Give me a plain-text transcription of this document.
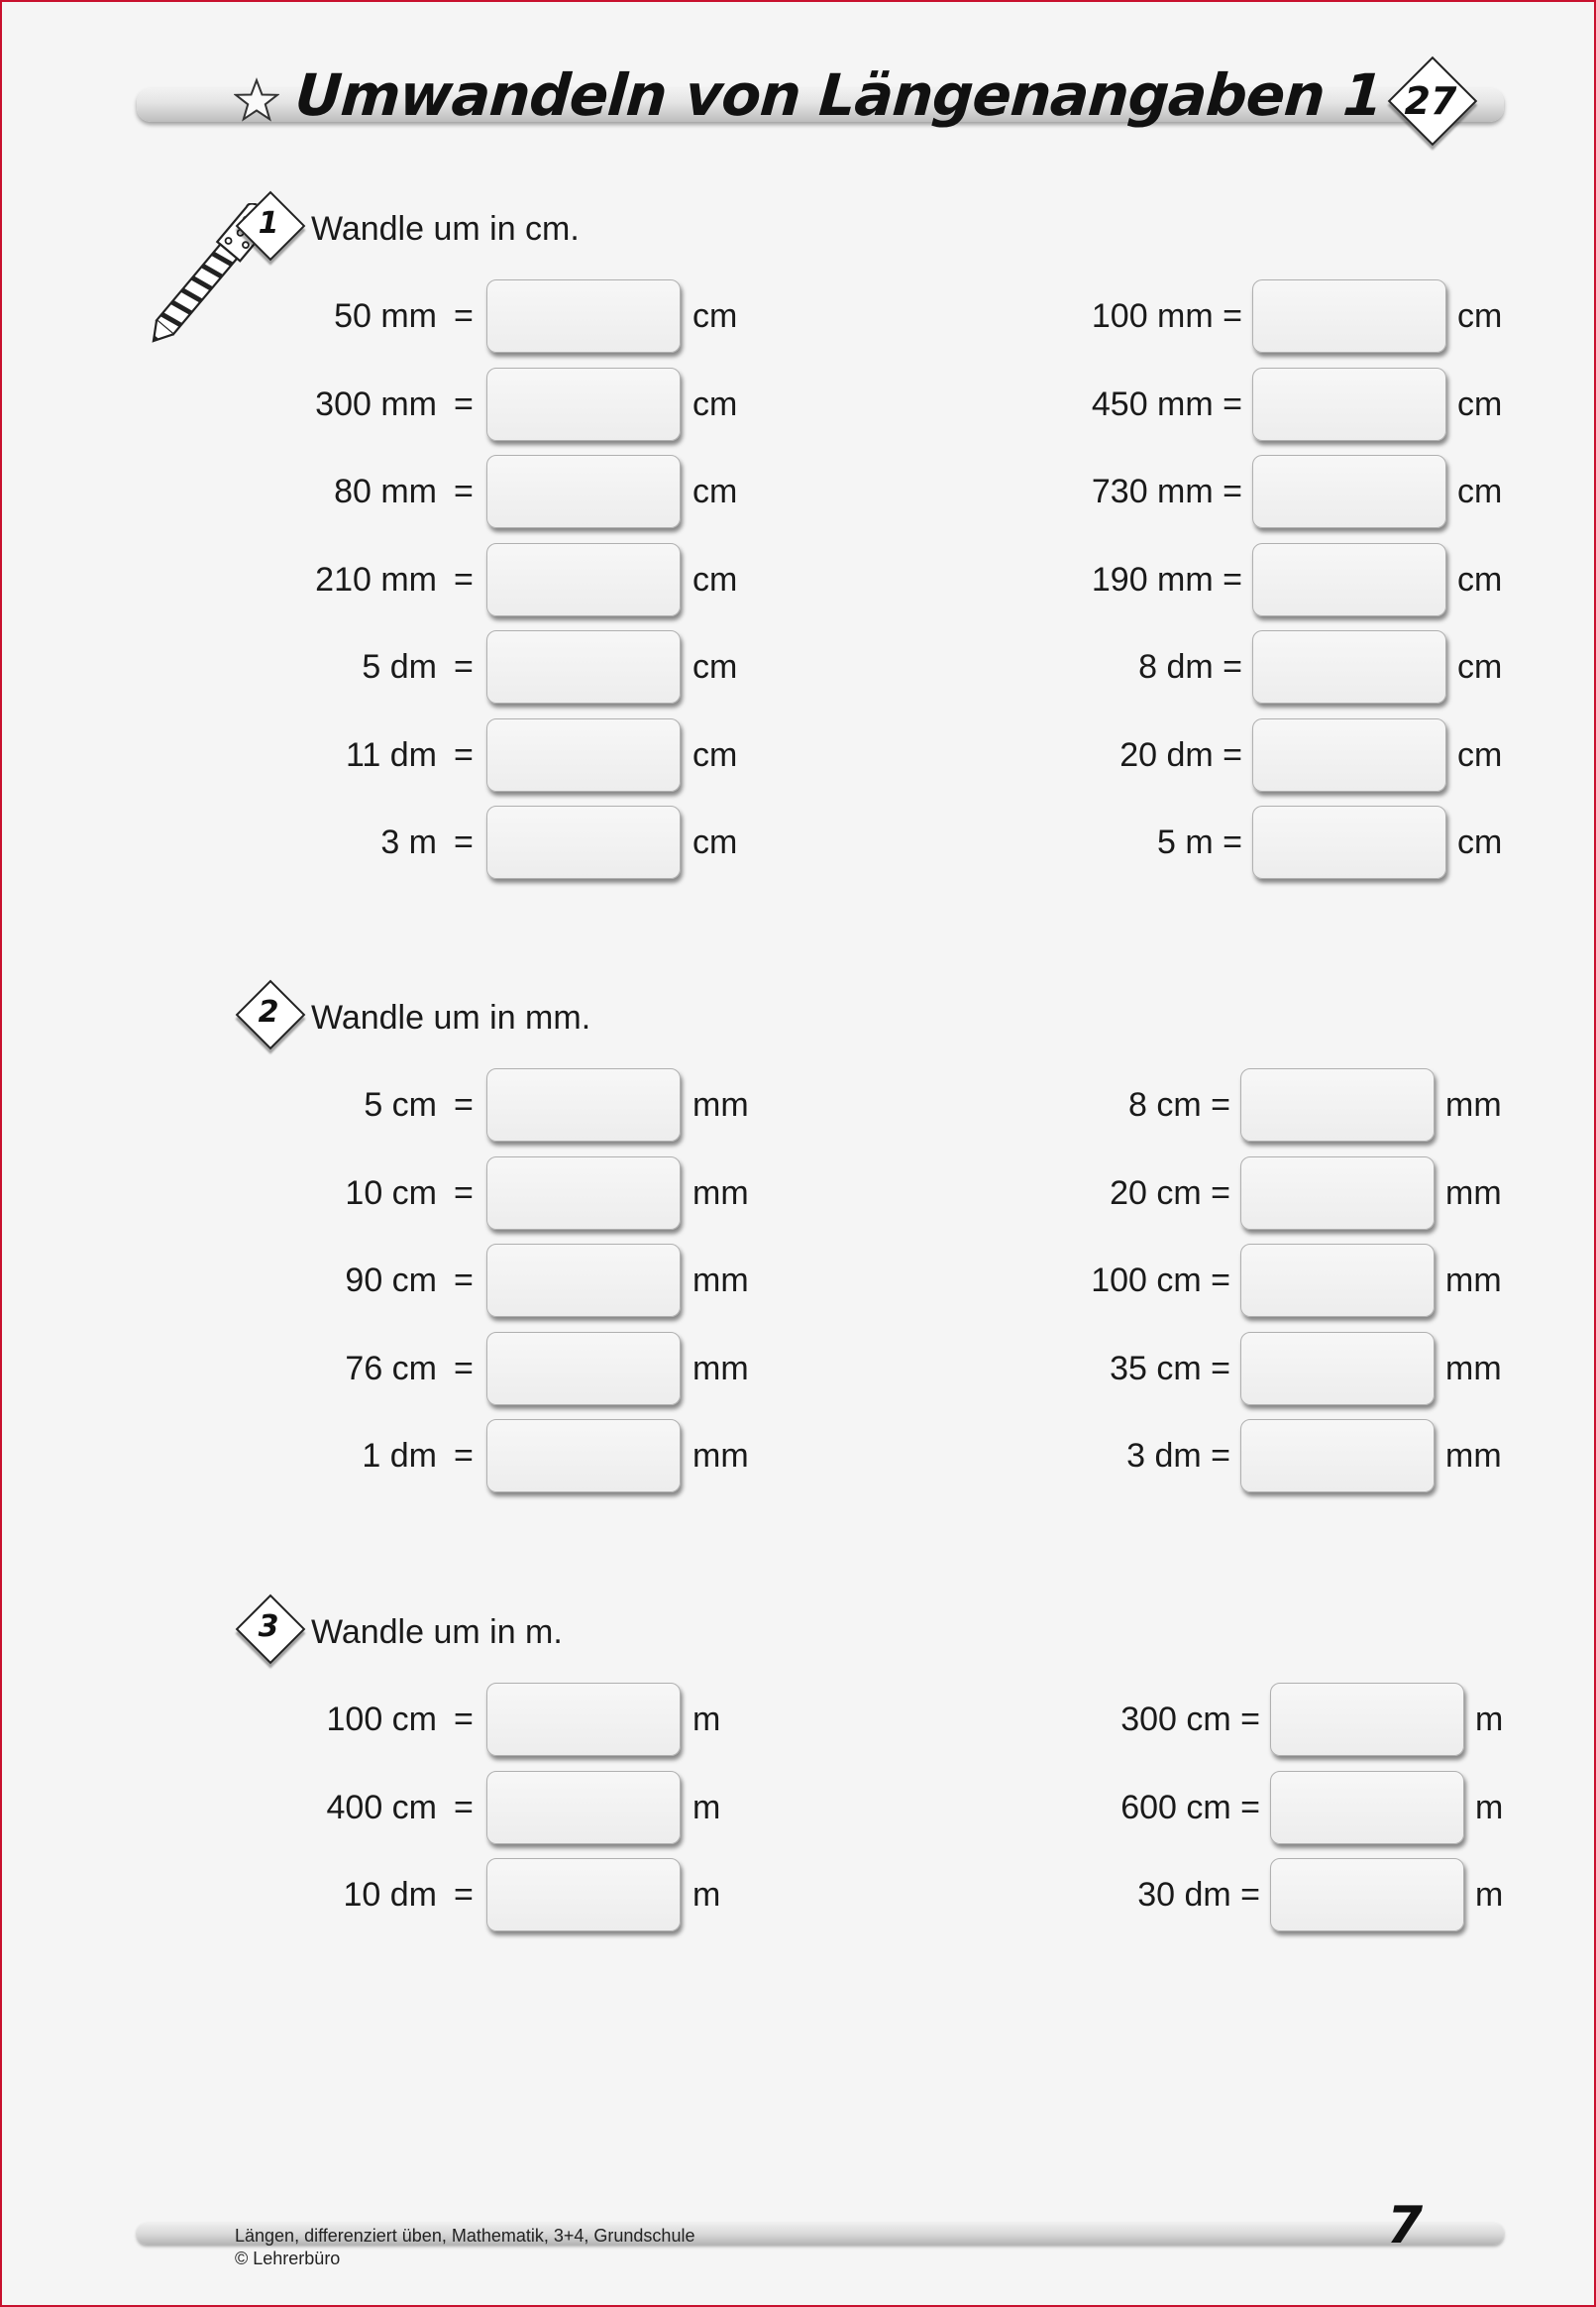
Umwandeln von Längenangaben 1 27
1 Wandle um in cm.
2 Wandle um in mm.
3 Wandle um in m.
50 mm =	cm
300 mm =	cm
80 mm =	cm
210 mm =	cm
5 dm =	cm
11 dm =	cm
3 m =	cm
100 mm =	cm
450 mm =	cm
730 mm =	cm
190 mm =	cm
8 dm =	cm
20 dm =	cm
5 m =	cm
5 cm =	mm
10 cm =	mm
90 cm =	mm
76 cm =	mm
1 dm =	mm
8 cm =	mm
20 cm =	mm
100 cm =	mm
35 cm =	mm
3 dm =	mm
100 cm =	m
400 cm =	m
10 dm =	m
300 cm =	m
600 cm =	m
30 dm =	m
Längen, differenziert üben, Mathematik, 3+4, Grundschule
© Lehrerbüro
7
